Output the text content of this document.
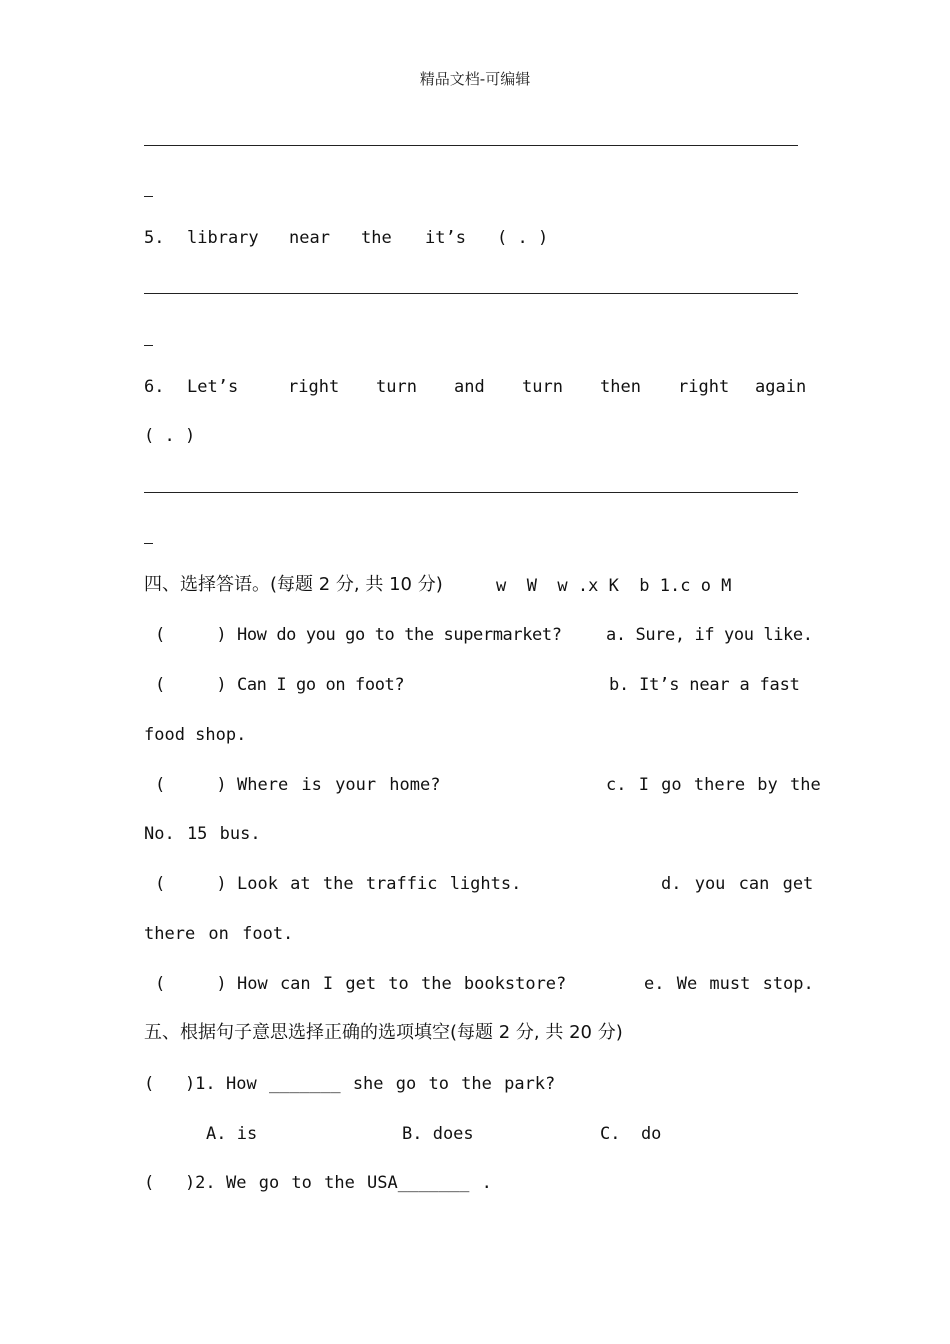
精品文档-可编辑
5. library near the it’s ( . )
6. Let’s	right turn and turn then right again
( . )
四、选择答语。(每题 2 分, 共 10 分)	w  W  w .x K  b 1.c o M
(     ) How do you go to the supermarket?	a. Sure, if you like.
(     ) Can I go on foot?	b. It’s near a fast
food shop.
(     ) Where is your home?	c. I go there by the
No. 15 bus.
(     ) Look at the traffic lights.	d. you can get
there on foot.
(     ) How can I get to the bookstore?	e. We must stop.
五、根据句子意思选择正确的选项填空(每题 2 分, 共 20 分)
(   )1. How _______ she go to the park?
A. is	B. does	C.  do
(   )2. We go to the USA_______ .
